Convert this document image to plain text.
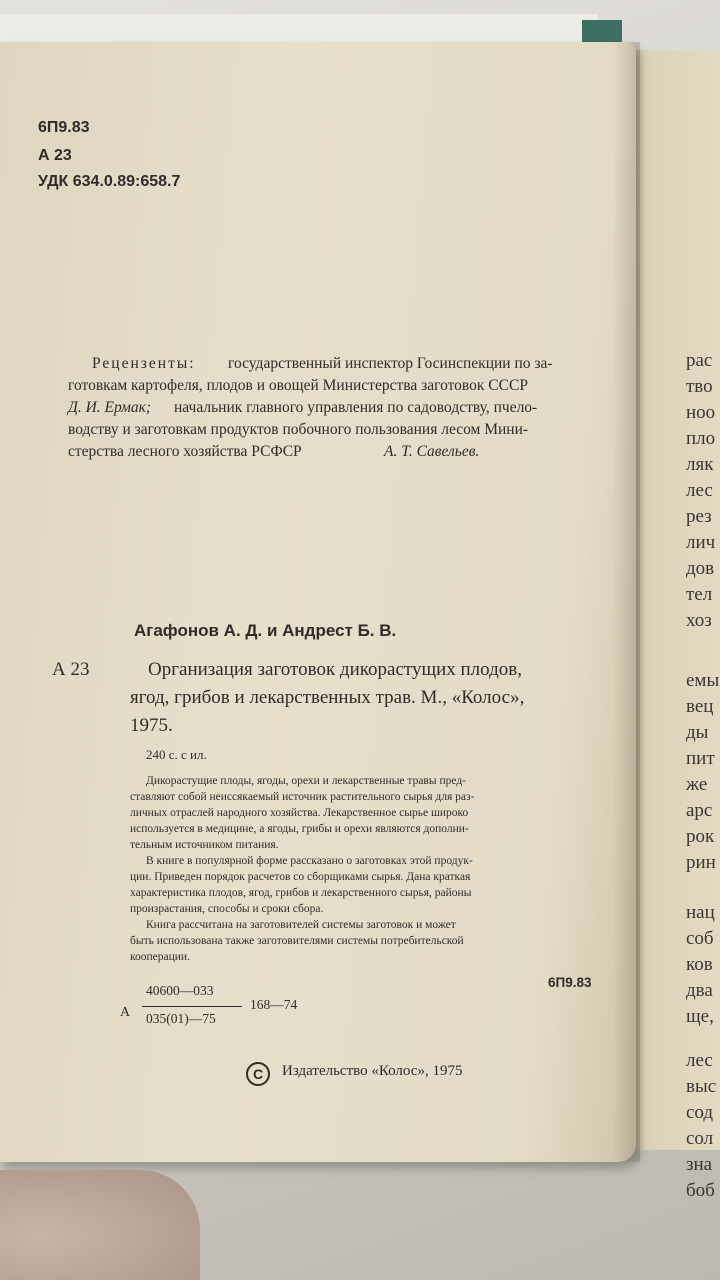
рас
тво
ноо
пло
ляк
лес
рез
лич
дов
тел
хоз
емы
вец
ды
пит
же
арс
рок
рин
нац
соб
ков
два
ще,
лес
выс
сод
сол
зна
боб
6П9.83
А 23
УДК 634.0.89:658.7
Рецензенты: государственный инспектор Госинспекции по за-
готовкам картофеля, плодов и овощей Министерства заготовок СССР
Д. И. Ермак; начальник главного управления по садоводству, пчело-
водству и заготовкам продуктов побочного пользования лесом Мини-
стерства лесного хозяйства РСФСР	А. Т. Савельев.
Агафонов А. Д. и Андрест Б. В.
А 23	Организация заготовок дикорастущих плодов,
ягод, грибов и лекарственных трав. М., «Колос»,
1975.
240 с. с ил.
Дикорастущие плоды, ягоды, орехи и лекарственные травы пред-
ставляют собой неиссякаемый источник растительного сырья для раз-
личных отраслей народного хозяйства. Лекарственное сырье широко
используется в медицине, а ягоды, грибы и орехи являются дополни-
тельным источником питания.
В книге в популярной форме рассказано о заготовках этой продук-
ции. Приведен порядок расчетов со сборщиками сырья. Дана краткая
характеристика плодов, ягод, грибов и лекарственного сырья, районы
произрастания, способы и сроки сбора.
Книга рассчитана на заготовителей системы заготовок и может
быть использована также заготовителями системы потребительской
кооперации.
А
40600—033
035(01)—75
168—74
6П9.83
С	Издательство «Колос», 1975
